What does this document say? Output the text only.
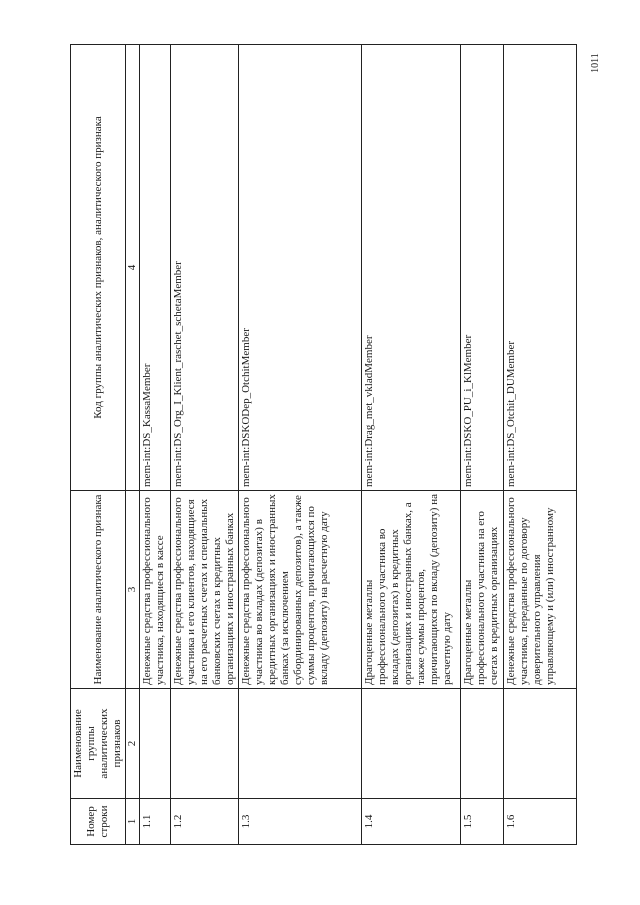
Номер строки	Наименование группы аналитических признаков	Наименование аналитического признака	Код группы аналитических признаков, аналитического признака
1	2	3	4
1.1		Денежные средства профессионального участника, находящиеся в кассе	mem-int:DS_KassaMember
1.2		Денежные средства профессионального участника и его клиентов, находящиеся на его расчетных счетах и специальных банковских счетах в кредитных организациях и иностранных банках	mem-int:DS_Org_I_Klient_raschet_schetaMember
1.3		Денежные средства профессионального участника во вкладах (депозитах) в кредитных организациях и иностранных банках (за исключением субординированных депозитов), а также суммы процентов, причитающихся по вкладу (депозиту) на расчетную дату	mem-int:DSKODep_OtchitMember
1.4		Драгоценные металлы профессионального участника во вкладах (депозитах) в кредитных организациях и иностранных банках, а также суммы процентов, причитающихся по вкладу (депозиту) на расчетную дату	mem-int:Drag_met_vkladMember
1.5		Драгоценные металлы профессионального участника на его счетах в кредитных организациях	mem-int:DSKO_PU_i_KlMember
1.6		Денежные средства профессионального участника, переданные по договору доверительного управления управляющему и (или) иностранному	mem-int:DS_Otchit_DUMember
1011
